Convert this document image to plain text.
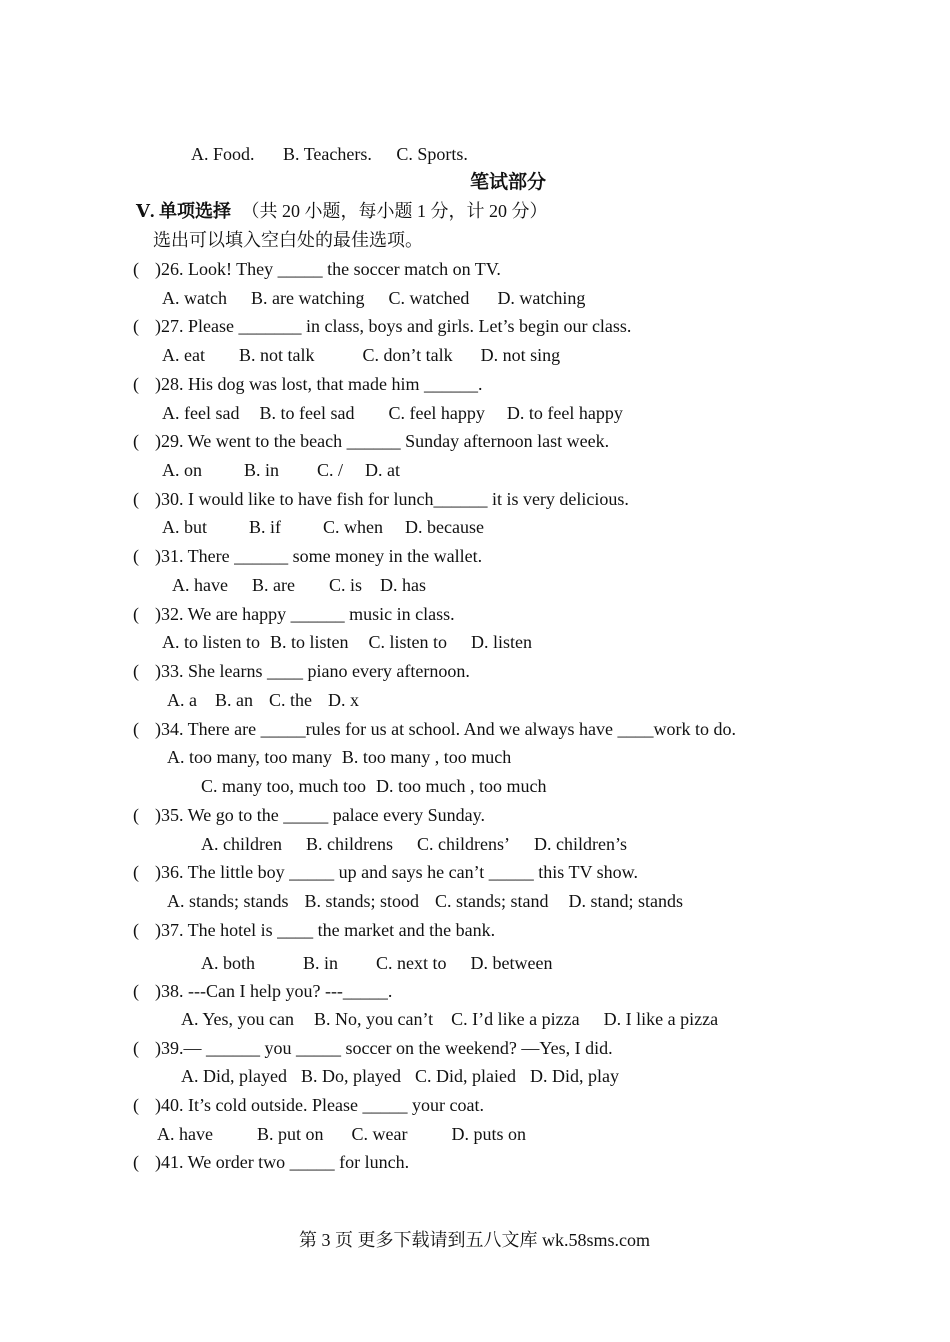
A. Food. B. Teachers. C. Sports.
笔试部分
Ⅴ. 单项选择 （共 20 小题，每小题 1 分，计 20 分）
选出可以填入空白处的最佳选项。
( )26. Look! They _____ the soccer match on TV.
A. watch B. are watching C. watched D. watching
( )27. Please _______ in class, boys and girls. Let’s begin our class.
A. eat B. not talk	C. don’t talk D. not sing
( )28. His dog was lost, that made him ______.
A. feel sad B. to feel sad C. feel happy D. to feel happy
( )29. We went to the beach ______ Sunday afternoon last week.
A. on B. in C. / D. at
( )30. I would like to have fish for lunch______ it is very delicious.
A. but B. if C. when D. because
( )31. There ______ some money in the wallet.
A. have B. are C. is D. has
( )32. We are happy ______ music in class.
A. to listen to B. to listen C. listen to D. listen
( )33. She learns ____ piano every afternoon.
A. a B. an C. the D. x
( )34. There are _____rules for us at school. And we always have ____work to do.
A. too many, too many B. too many , too much
C. many too, much too D. too much , too much
( )35. We go to the _____ palace every Sunday.
A. children B. childrens C. childrens’ D. children’s
( )36. The little boy _____ up and says he can’t _____ this TV show.
A. stands; stands B. stands; stood C. stands; stand D. stand; stands
( )37. The hotel is ____ the market and the bank.
A. both	B. in C. next to D. between
( )38. ---Can I help you? ---_____.
A. Yes, you can B. No, you can’t C. I’d like a pizza D. I like a pizza
( )39.— ______ you _____ soccer on the weekend? —Yes, I did.
A. Did, played B. Do, played C. Did, plaied D. Did, play
( )40. It’s cold outside. Please _____ your coat.
A. have B. put on C. wear D. puts on
( )41. We order two _____ for lunch.
第 3 页 更多下载请到五八文库 wk.58sms.com
